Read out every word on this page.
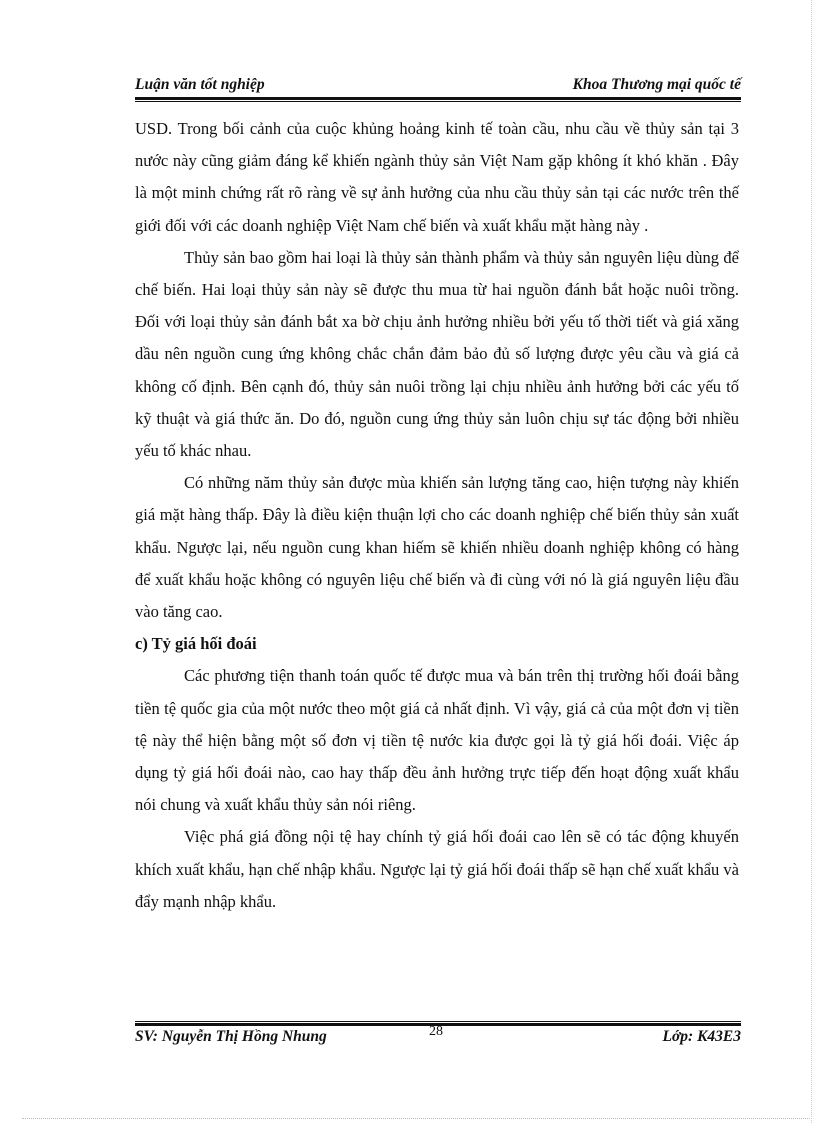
Luận văn tốt nghiệp	Khoa Thương mại quốc tế

USD. Trong bối cảnh của cuộc khủng hoảng kinh tế toàn cầu, nhu cầu về thủy sản tại 3 nước này cũng giảm đáng kể khiến ngành thủy sản Việt Nam gặp không ít khó khăn . Đây là một minh chứng rất rõ ràng về sự ảnh hưởng của nhu cầu thủy sản tại các nước trên thế giới đối với các doanh nghiệp Việt Nam chế biến và xuất khẩu mặt hàng này .

Thủy sản bao gồm hai loại là thủy sản thành phẩm và thủy sản nguyên liệu dùng để chế biến. Hai loại thủy sản này sẽ được thu mua từ hai nguồn đánh bắt hoặc nuôi trồng. Đối với loại thủy sản đánh bắt xa bờ chịu ảnh hưởng nhiều bởi yếu tố thời tiết và giá xăng dầu nên nguồn cung ứng không chắc chắn đảm bảo đủ số lượng được yêu cầu và giá cả không cố định. Bên cạnh đó, thủy sản nuôi trồng lại chịu nhiều ảnh hưởng bởi các yếu tố kỹ thuật và giá thức ăn. Do đó, nguồn cung ứng thủy sản luôn chịu sự tác động bởi nhiều yếu tố khác nhau.

Có những năm thủy sản được mùa khiến sản lượng tăng cao, hiện tượng này khiến giá mặt hàng thấp. Đây là điều kiện thuận lợi cho các doanh nghiệp chế biến thủy sản xuất khẩu. Ngược lại, nếu nguồn cung khan hiếm sẽ khiến nhiều doanh nghiệp không có hàng để xuất khẩu hoặc không có nguyên liệu chế biến và đi cùng với nó là giá nguyên liệu đầu vào tăng cao.

c) Tỷ giá hối đoái

Các phương tiện thanh toán quốc tế được mua và bán trên thị trường hối đoái bằng tiền tệ quốc gia của một nước theo một giá cả nhất định. Vì vậy, giá cả của một đơn vị tiền tệ này thể hiện bằng một số đơn vị tiền tệ nước kia được gọi là tỷ giá hối đoái. Việc áp dụng tỷ giá hối đoái nào, cao hay thấp đều ảnh hưởng trực tiếp đến hoạt động xuất khẩu nói chung và xuất khẩu thủy sản nói riêng.

Việc phá giá đồng nội tệ hay chính tỷ giá hối đoái cao lên sẽ có tác động khuyến khích xuất khẩu, hạn chế nhập khẩu. Ngược lại tỷ giá hối đoái thấp sẽ hạn chế xuất khẩu và đẩy mạnh nhập khẩu.

SV: Nguyễn Thị Hồng Nhung	28	Lớp: K43E3
